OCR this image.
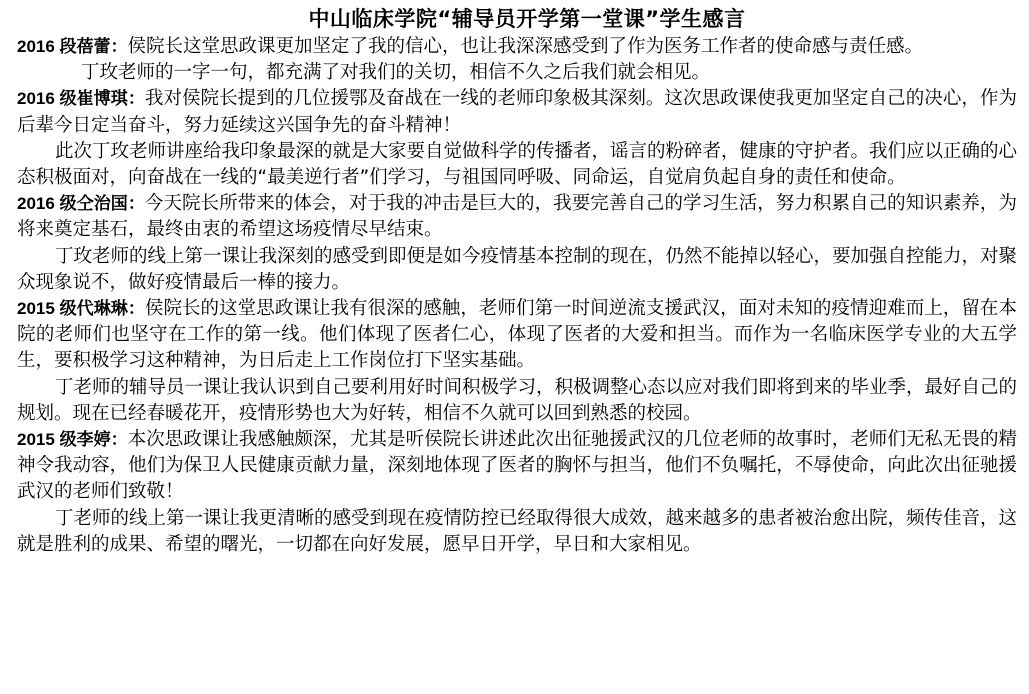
中山临床学院“辅导员开学第一堂课”学生感言

2016 段蓓蕾：侯院长这堂思政课更加坚定了我的信心，也让我深深感受到了作为医务工作者的使命感与责任感。

丁玫老师的一字一句，都充满了对我们的关切，相信不久之后我们就会相见。

2016 级崔博琪：我对侯院长提到的几位援鄂及奋战在一线的老师印象极其深刻。这次思政课使我更加坚定自己的决心，作为后辈今日定当奋斗，努力延续这兴国争先的奋斗精神！

此次丁玫老师讲座给我印象最深的就是大家要自觉做科学的传播者，谣言的粉碎者，健康的守护者。我们应以正确的心态积极面对，向奋战在一线的“最美逆行者”们学习，与祖国同呼吸、同命运，自觉肩负起自身的责任和使命。

2016 级仝治国：今天院长所带来的体会，对于我的冲击是巨大的，我要完善自己的学习生活，努力积累自己的知识素养，为将来奠定基石，最终由衷的希望这场疫情尽早结束。

丁玫老师的线上第一课让我深刻的感受到即便是如今疫情基本控制的现在，仍然不能掉以轻心，要加强自控能力，对聚众现象说不，做好疫情最后一棒的接力。

2015 级代琳琳：侯院长的这堂思政课让我有很深的感触，老师们第一时间逆流支援武汉，面对未知的疫情迎难而上，留在本院的老师们也坚守在工作的第一线。他们体现了医者仁心，体现了医者的大爱和担当。而作为一名临床医学专业的大五学生，要积极学习这种精神，为日后走上工作岗位打下坚实基础。

丁老师的辅导员一课让我认识到自己要利用好时间积极学习，积极调整心态以应对我们即将到来的毕业季，最好自己的规划。现在已经春暖花开，疫情形势也大为好转，相信不久就可以回到熟悉的校园。

2015 级李婷：本次思政课让我感触颇深，尤其是听侯院长讲述此次出征驰援武汉的几位老师的故事时，老师们无私无畏的精神令我动容，他们为保卫人民健康贡献力量，深刻地体现了医者的胸怀与担当，他们不负嘱托，不辱使命，向此次出征驰援武汉的老师们致敬！

丁老师的线上第一课让我更清晰的感受到现在疫情防控已经取得很大成效，越来越多的患者被治愈出院，频传佳音，这就是胜利的成果、希望的曙光，一切都在向好发展，愿早日开学，早日和大家相见。
